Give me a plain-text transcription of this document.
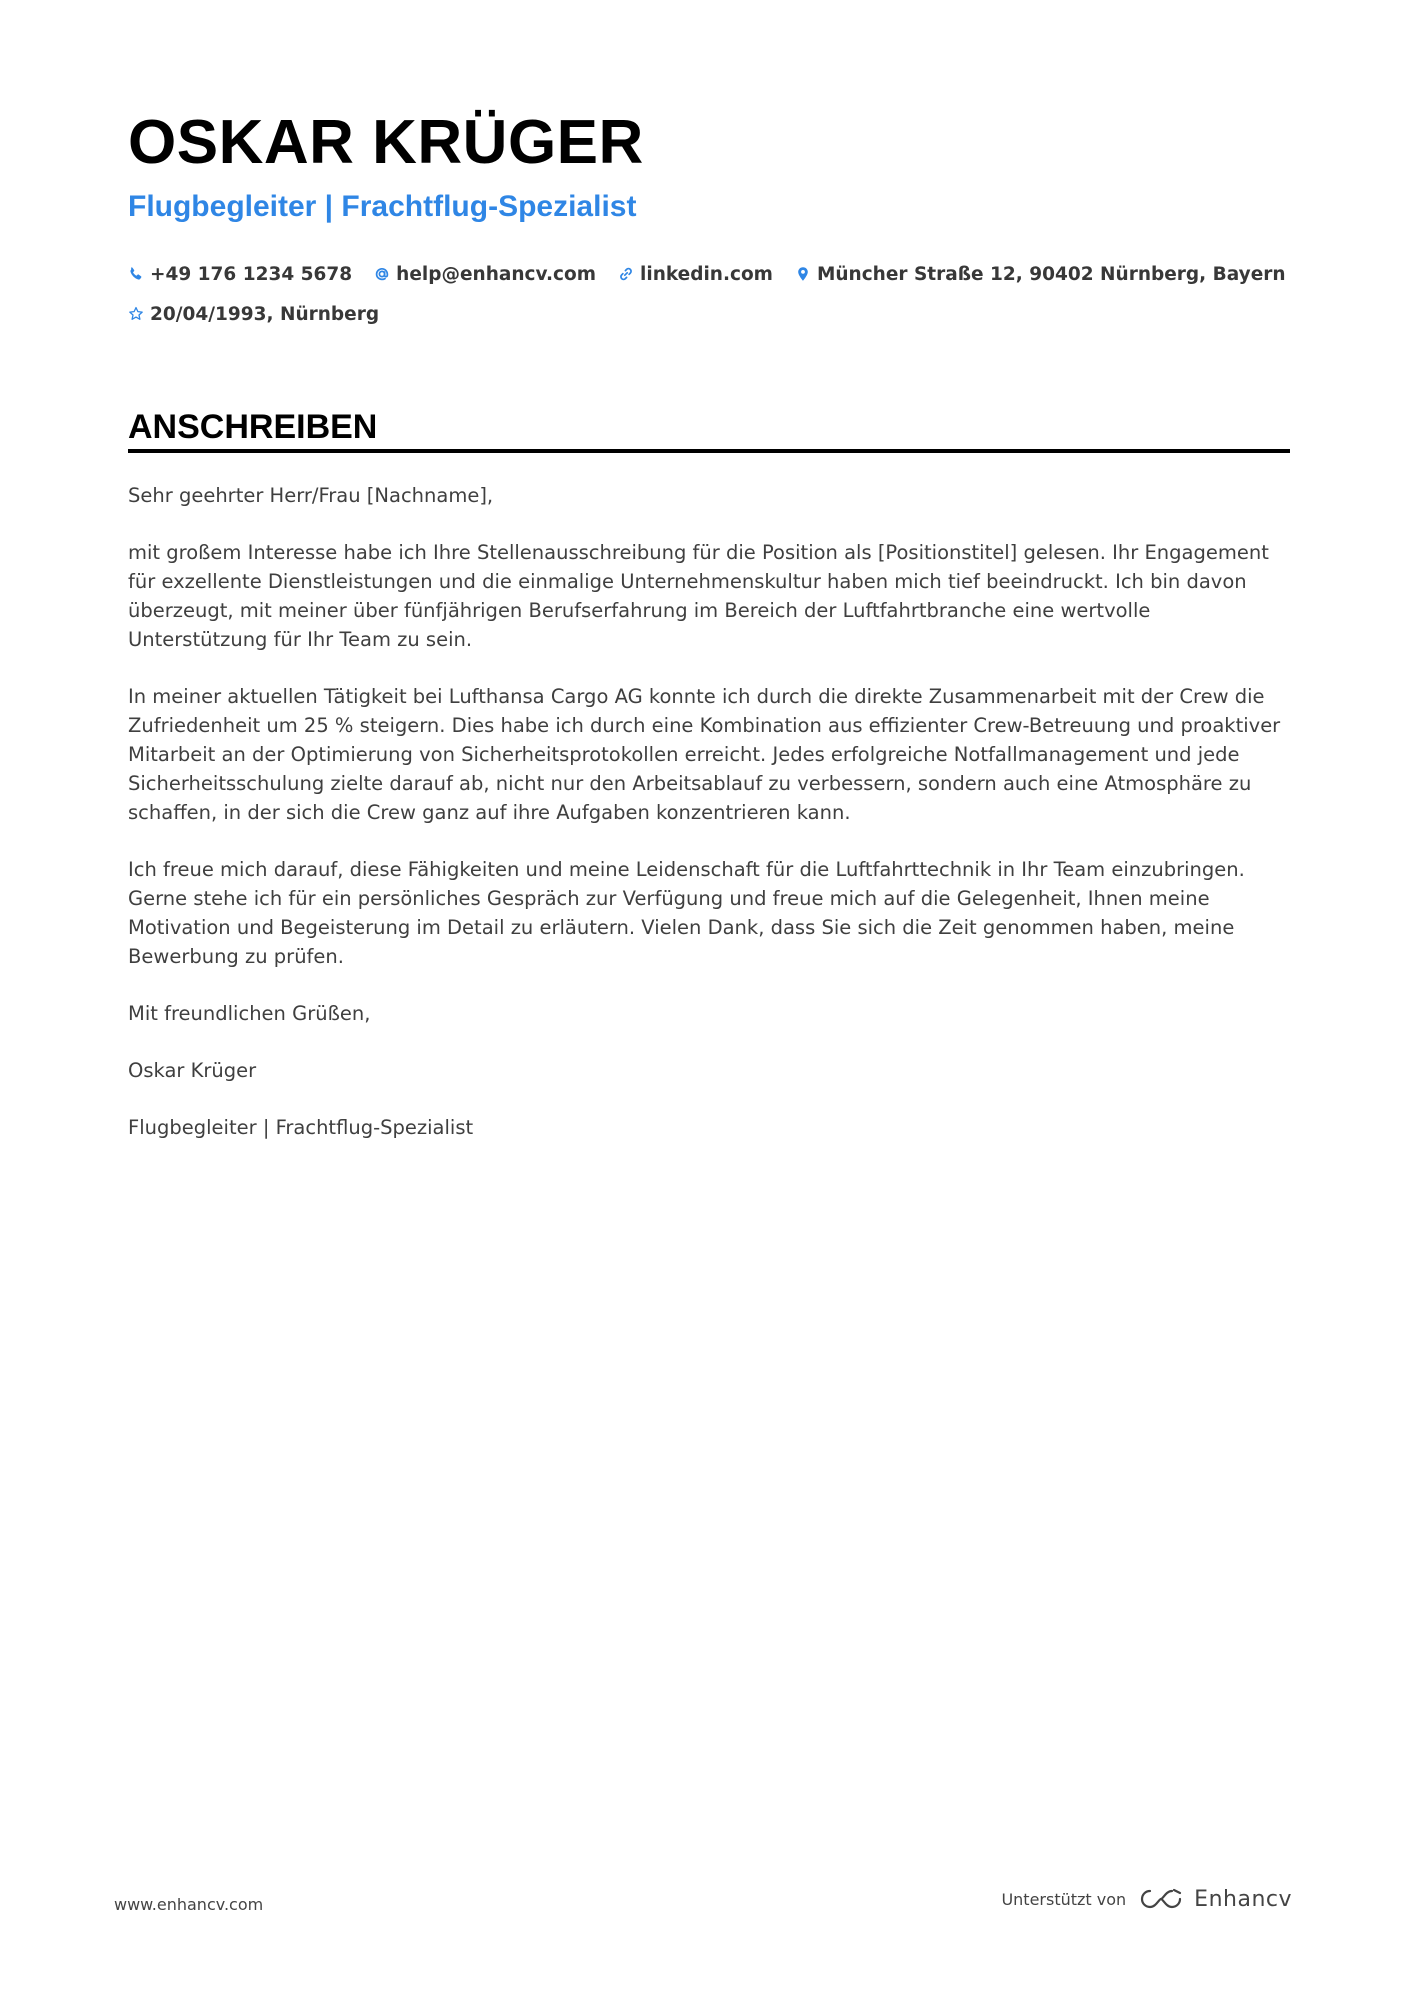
OSKAR KRÜGER
Flugbegleiter | Frachtflug-Spezialist
+49 176 1234 5678 help@enhancv.com linkedin.com Müncher Straße 12, 90402 Nürnberg, Bayern
20/04/1993, Nürnberg
ANSCHREIBEN

Sehr geehrter Herr/Frau [Nachname],

mit großem Interesse habe ich Ihre Stellenausschreibung für die Position als [Positionstitel] gelesen. Ihr Engagement für exzellente Dienstleistungen und die einmalige Unternehmenskultur haben mich tief beeindruckt. Ich bin davon überzeugt, mit meiner über fünfjährigen Berufserfahrung im Bereich der Luftfahrtbranche eine wertvolle Unterstützung für Ihr Team zu sein.

In meiner aktuellen Tätigkeit bei Lufthansa Cargo AG konnte ich durch die direkte Zusammenarbeit mit der Crew die Zufriedenheit um 25 % steigern. Dies habe ich durch eine Kombination aus effizienter Crew-Betreuung und proaktiver Mitarbeit an der Optimierung von Sicherheitsprotokollen erreicht. Jedes erfolgreiche Notfallmanagement und jede Sicherheitsschulung zielte darauf ab, nicht nur den Arbeitsablauf zu verbessern, sondern auch eine Atmosphäre zu schaffen, in der sich die Crew ganz auf ihre Aufgaben konzentrieren kann.

Ich freue mich darauf, diese Fähigkeiten und meine Leidenschaft für die Luftfahrttechnik in Ihr Team einzubringen. Gerne stehe ich für ein persönliches Gespräch zur Verfügung und freue mich auf die Gelegenheit, Ihnen meine Motivation und Begeisterung im Detail zu erläutern. Vielen Dank, dass Sie sich die Zeit genommen haben, meine Bewerbung zu prüfen.

Mit freundlichen Grüßen,

Oskar Krüger

Flugbegleiter | Frachtflug-Spezialist

www.enhancv.com	Unterstützt von	Enhancv
